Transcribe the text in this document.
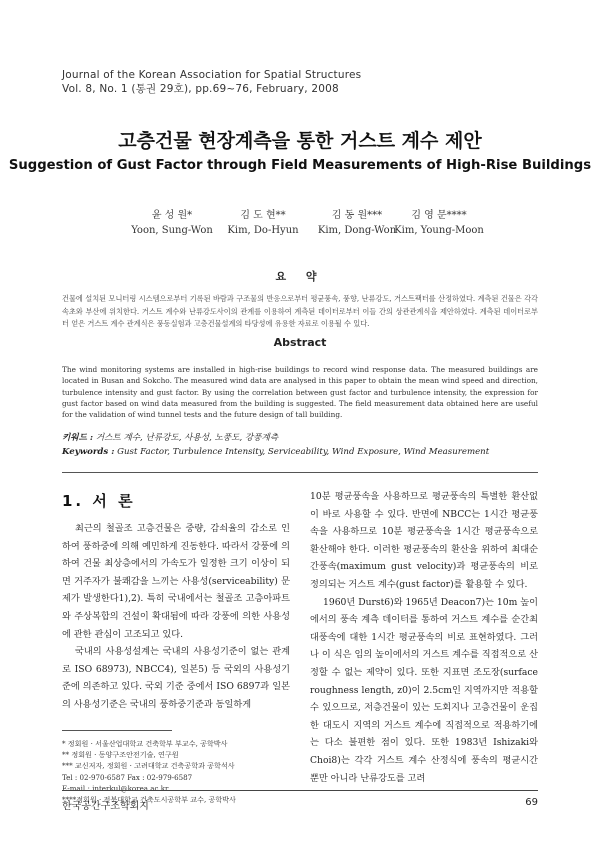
Journal of the Korean Association for Spatial Structures
Vol. 8, No. 1 (통권 29호), pp.69~76, February, 2008
고층건물 현장계측을 통한 거스트 계수 제안
Suggestion of Gust Factor through Field Measurements of High-Rise Buildings
윤 성 원*
Yoon, Sung-Won
김 도 현**
Kim, Do-Hyun
김 동 원***
Kim, Dong-Won
김 영 문****
Kim, Young-Moon
요 약
건물에 설치된 모니터링 시스템으로부터 기록된 바람과 구조물의 반응으로부터 평균풍속, 풍향, 난류강도, 거스트팩터를 산정하였다. 계측된 건물은 각각 속초와 부산에 위치한다. 거스트 계수와 난류강도사이의 관계를 이용하여 계측된 데이터로부터 이들 간의 상관관계식을 제안하였다. 계측된 데이터로부터 얻은 거스트 계수 관계식은 풍동실험과 고층건물설계의 타당성에 유용한 자료로 이용될 수 있다.
Abstract
The wind monitoring systems are installed in high-rise buildings to record wind response data. The measured buildings are located in Busan and Sokcho. The measured wind data are analysed in this paper to obtain the mean wind speed and direction, turbulence intensity and gust factor. By using the correlation between gust factor and turbulence intensity, the expression for gust factor based on wind data measured from the building is suggested. The field measurement data obtained here are useful for the validation of wind tunnel tests and the future design of tall building.
키워드 : 거스트 계수, 난류강도, 사용성, 노풍도, 강풍계측
Keywords : Gust Factor, Turbulence Intensity, Serviceability, Wind Exposure, Wind Measurement
1. 서 론

최근의 철골조 고층건물은 중량, 감쇠율의 감소로 인하여 풍하중에 의해 예민하게 진동한다. 따라서 강풍에 의하여 건물 최상층에서의 가속도가 일정한 크기 이상이 되면 거주자가 불쾌감을 느끼는 사용성(serviceability) 문제가 발생한다1),2). 특히 국내에서는 철골조 고층아파트와 주상복합의 건설이 확대됨에 따라 강풍에 의한 사용성에 관한 관심이 고조되고 있다.

국내의 사용성설계는 국내의 사용성기준이 없는 관계로 ISO 68973), NBCC4), 일본5) 등 국외의 사용성기준에 의존하고 있다. 국외 기준 중에서 ISO 6897과 일본의 사용성기준은 국내의 풍하중기준과 동일하게

10분 평균풍속을 사용하므로 평균풍속의 특별한 환산없이 바로 사용할 수 있다. 반면에 NBCC는 1시간 평균풍속을 사용하므로 10분 평균풍속을 1시간 평균풍속으로 환산해야 한다. 이러한 평균풍속의 환산을 위하여 최대순간풍속(maximum gust velocity)과 평균풍속의 비로 정의되는 거스트 계수(gust factor)를 활용할 수 있다.

1960년 Durst6)와 1965년 Deacon7)는 10m 높이에서의 풍속 계측 데이터를 통하여 거스트 계수를 순간최대풍속에 대한 1시간 평균풍속의 비로 표현하였다. 그러나 이 식은 임의 높이에서의 거스트 계수를 직접적으로 산정할 수 없는 제약이 있다. 또한 지표면 조도장(surface roughness length, z0)이 2.5cm인 지역까지만 적용할 수 있으므로, 저층건물이 있는 도회지나 고층건물이 운집한 대도시 지역의 거스트 계수에 직접적으로 적용하기에는 다소 불편한 점이 있다. 또한 1983년 Ishizaki와 Choi8)는 각각 거스트 계수 산정식에 풍속의 평균시간 뿐만 아니라 난류강도를 고려

* 정회원 · 서울산업대학교 건축학부 부교수, 공학박사
** 정회원 · 동양구조안전기술, 연구원
*** 교신저자, 정회원 · 고려대학교 건축공학과 공학석사
Tel : 02-970-6587 Fax : 02-979-6587
E-mail : interkul@korea.ac.kr
****정회원 · 전북대학교 건축도시공학부 교수, 공학박사
한국공간구조학회지	69
